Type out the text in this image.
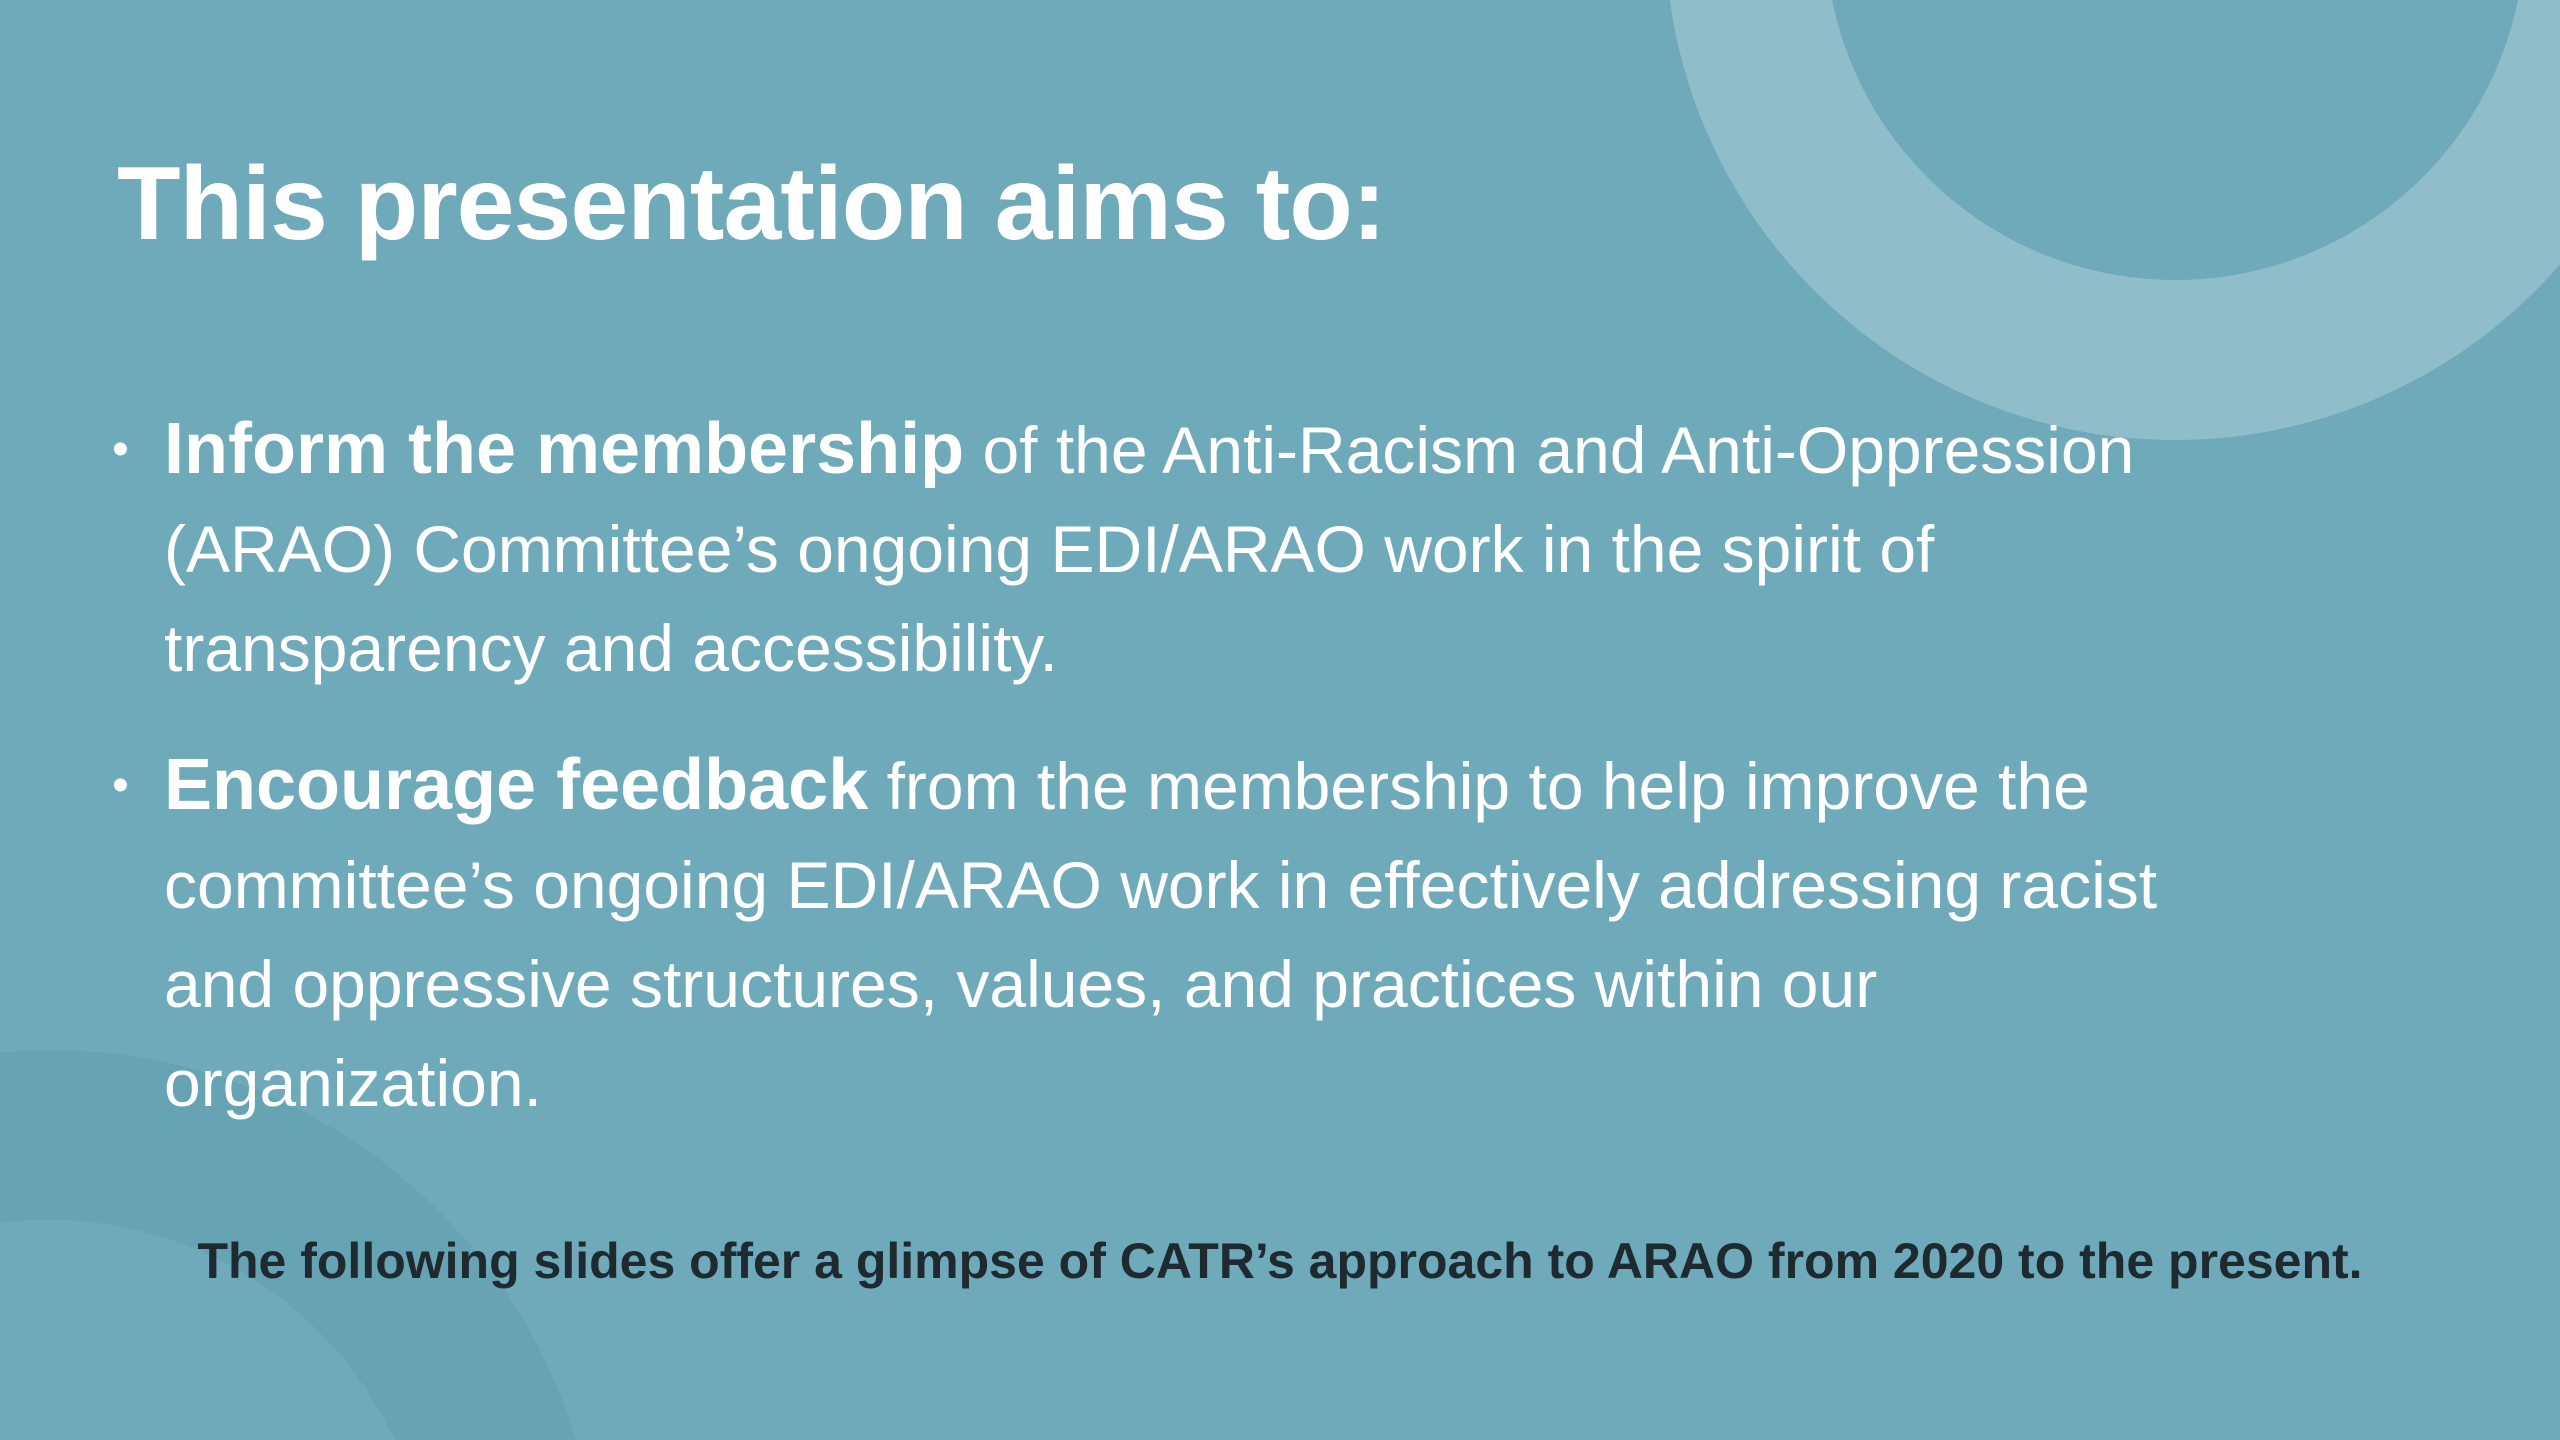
This presentation aims to:
• Inform the membership of the Anti-Racism and Anti-Oppression (ARAO) Committee’s ongoing EDI/ARAO work in the spirit of transparency and accessibility.
• Encourage feedback from the membership to help improve the committee’s ongoing EDI/ARAO work in effectively addressing racist and oppressive structures, values, and practices within our organization.

The following slides offer a glimpse of CATR’s approach to ARAO from 2020 to the present.
